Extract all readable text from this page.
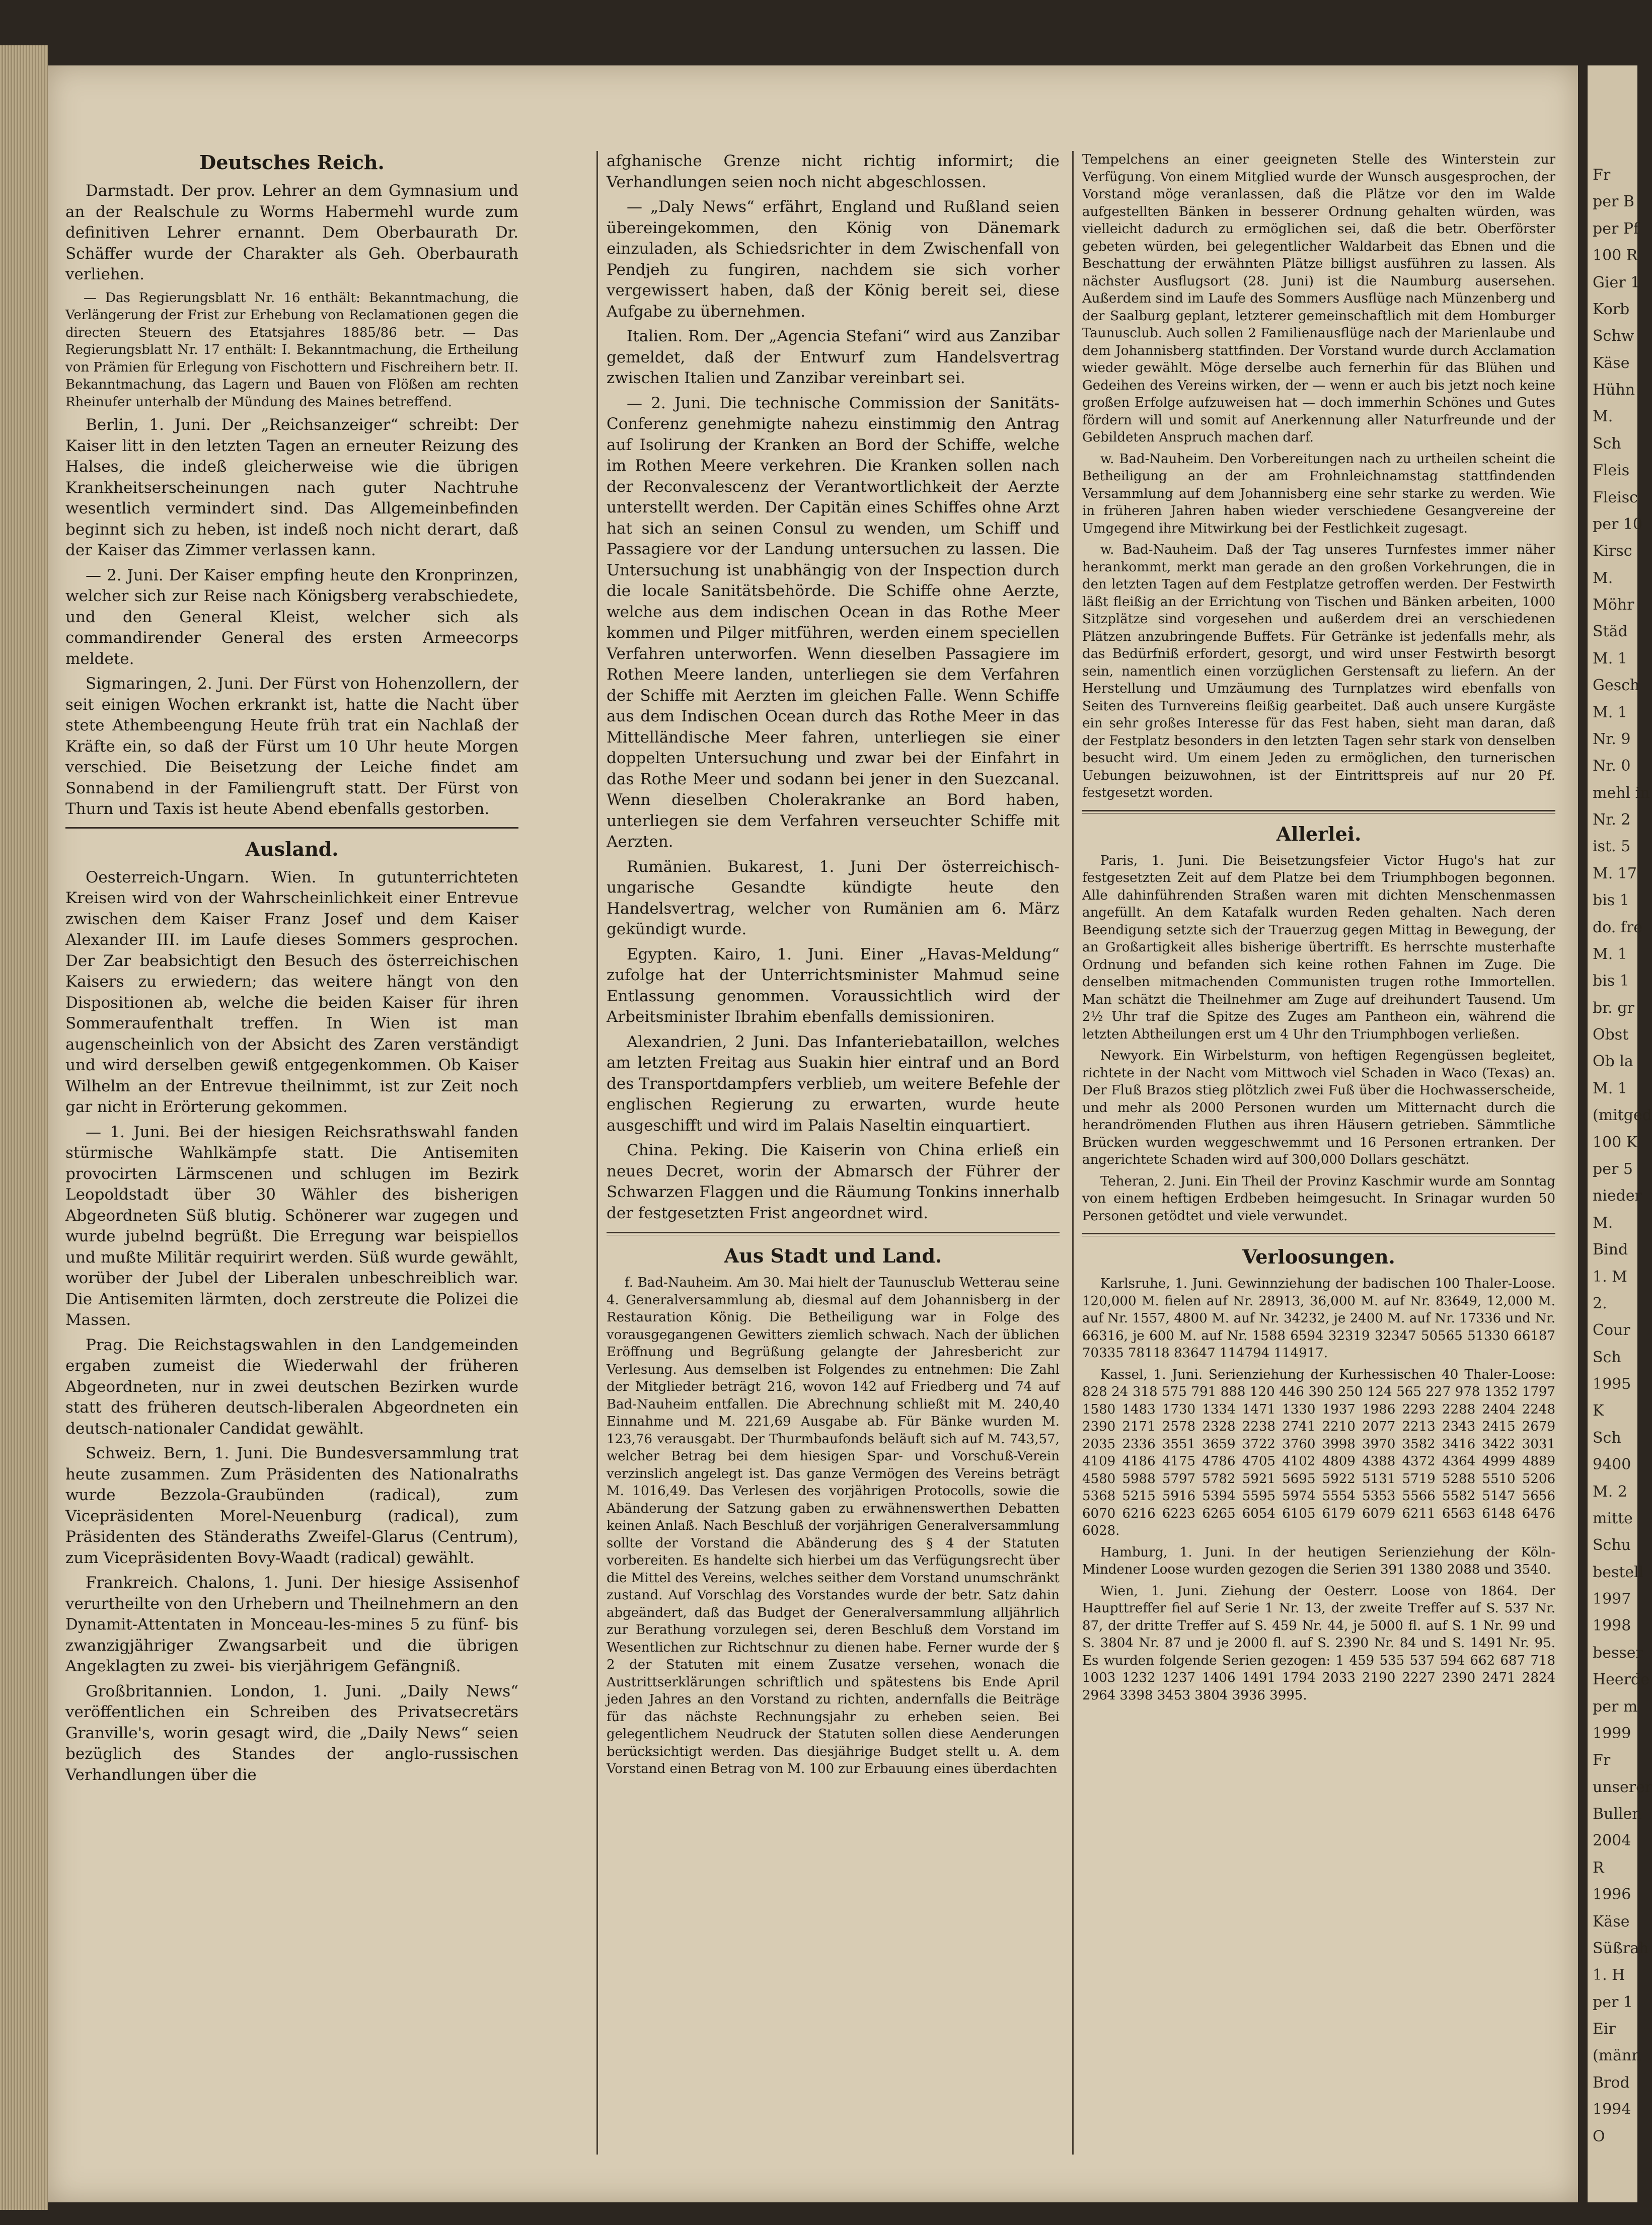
Deutsches Reich.

Darmstadt. Der prov. Lehrer an dem Gymnasium und an der Realschule zu Worms Habermehl wurde zum definitiven Lehrer ernannt. Dem Oberbaurath Dr. Schäffer wurde der Charakter als Geh. Oberbaurath verliehen.

— Das Regierungsblatt Nr. 16 enthält: Bekanntmachung, die Verlängerung der Frist zur Erhebung von Reclamationen gegen die directen Steuern des Etatsjahres 1885/86 betr. — Das Regierungsblatt Nr. 17 enthält: I. Bekanntmachung, die Ertheilung von Prämien für Erlegung von Fischottern und Fischreihern betr. II. Bekanntmachung, das Lagern und Bauen von Flößen am rechten Rheinufer unterhalb der Mündung des Maines betreffend.

Berlin, 1. Juni. Der „Reichsanzeiger“ schreibt: Der Kaiser litt in den letzten Tagen an erneuter Reizung des Halses, die indeß gleicherweise wie die übrigen Krankheitserscheinungen nach guter Nachtruhe wesentlich vermindert sind. Das Allgemeinbefinden beginnt sich zu heben, ist indeß noch nicht derart, daß der Kaiser das Zimmer verlassen kann.

— 2. Juni. Der Kaiser empfing heute den Kronprinzen, welcher sich zur Reise nach Königsberg verabschiedete, und den General Kleist, welcher sich als commandirender General des ersten Armeecorps meldete.

Sigmaringen, 2. Juni. Der Fürst von Hohenzollern, der seit einigen Wochen erkrankt ist, hatte die Nacht über stete Athembeengung Heute früh trat ein Nachlaß der Kräfte ein, so daß der Fürst um 10 Uhr heute Morgen verschied. Die Beisetzung der Leiche findet am Sonnabend in der Familiengruft statt. Der Fürst von Thurn und Taxis ist heute Abend ebenfalls gestorben.

Ausland.

Oesterreich-Ungarn. Wien. In gutunterrichteten Kreisen wird von der Wahrscheinlichkeit einer Entrevue zwischen dem Kaiser Franz Josef und dem Kaiser Alexander III. im Laufe dieses Sommers gesprochen. Der Zar beabsichtigt den Besuch des österreichischen Kaisers zu erwiedern; das weitere hängt von den Dispositionen ab, welche die beiden Kaiser für ihren Sommeraufenthalt treffen. In Wien ist man augenscheinlich von der Absicht des Zaren verständigt und wird derselben gewiß entgegenkommen. Ob Kaiser Wilhelm an der Entrevue theilnimmt, ist zur Zeit noch gar nicht in Erörterung gekommen.

— 1. Juni. Bei der hiesigen Reichsrathswahl fanden stürmische Wahlkämpfe statt. Die Antisemiten provocirten Lärmscenen und schlugen im Bezirk Leopoldstadt über 30 Wähler des bisherigen Abgeordneten Süß blutig. Schönerer war zugegen und wurde jubelnd begrüßt. Die Erregung war beispiellos und mußte Militär requirirt werden. Süß wurde gewählt, worüber der Jubel der Liberalen unbeschreiblich war. Die Antisemiten lärmten, doch zerstreute die Polizei die Massen.

Prag. Die Reichstagswahlen in den Landgemeinden ergaben zumeist die Wiederwahl der früheren Abgeordneten, nur in zwei deutschen Bezirken wurde statt des früheren deutsch-liberalen Abgeordneten ein deutsch-nationaler Candidat gewählt.

Schweiz. Bern, 1. Juni. Die Bundesversammlung trat heute zusammen. Zum Präsidenten des Nationalraths wurde Bezzola-Graubünden (radical), zum Vicepräsidenten Morel-Neuenburg (radical), zum Präsidenten des Ständeraths Zweifel-Glarus (Centrum), zum Vicepräsidenten Bovy-Waadt (radical) gewählt.

Frankreich. Chalons, 1. Juni. Der hiesige Assisenhof verurtheilte von den Urhebern und Theilnehmern an den Dynamit-Attentaten in Monceau-les-mines 5 zu fünf- bis zwanzigjähriger Zwangsarbeit und die übrigen Angeklagten zu zwei- bis vierjährigem Gefängniß.

Großbritannien. London, 1. Juni. „Daily News“ veröffentlichen ein Schreiben des Privatsecretärs Granville's, worin gesagt wird, die „Daily News“ seien bezüglich des Standes der anglo-russischen Verhandlungen über die

afghanische Grenze nicht richtig informirt; die Verhandlungen seien noch nicht abgeschlossen.

— „Daly News“ erfährt, England und Rußland seien übereingekommen, den König von Dänemark einzuladen, als Schiedsrichter in dem Zwischenfall von Pendjeh zu fungiren, nachdem sie sich vorher vergewissert haben, daß der König bereit sei, diese Aufgabe zu übernehmen.

Italien. Rom. Der „Agencia Stefani“ wird aus Zanzibar gemeldet, daß der Entwurf zum Handelsvertrag zwischen Italien und Zanzibar vereinbart sei.

— 2. Juni. Die technische Commission der Sanitäts-Conferenz genehmigte nahezu einstimmig den Antrag auf Isolirung der Kranken an Bord der Schiffe, welche im Rothen Meere verkehren. Die Kranken sollen nach der Reconvalescenz der Verantwortlichkeit der Aerzte unterstellt werden. Der Capitän eines Schiffes ohne Arzt hat sich an seinen Consul zu wenden, um Schiff und Passagiere vor der Landung untersuchen zu lassen. Die Untersuchung ist unabhängig von der Inspection durch die locale Sanitätsbehörde. Die Schiffe ohne Aerzte, welche aus dem indischen Ocean in das Rothe Meer kommen und Pilger mitführen, werden einem speciellen Verfahren unterworfen. Wenn dieselben Passagiere im Rothen Meere landen, unterliegen sie dem Verfahren der Schiffe mit Aerzten im gleichen Falle. Wenn Schiffe aus dem Indischen Ocean durch das Rothe Meer in das Mittelländische Meer fahren, unterliegen sie einer doppelten Untersuchung und zwar bei der Einfahrt in das Rothe Meer und sodann bei jener in den Suezcanal. Wenn dieselben Cholerakranke an Bord haben, unterliegen sie dem Verfahren verseuchter Schiffe mit Aerzten.

Rumänien. Bukarest, 1. Juni Der österreichisch-ungarische Gesandte kündigte heute den Handelsvertrag, welcher von Rumänien am 6. März gekündigt wurde.

Egypten. Kairo, 1. Juni. Einer „Havas-Meldung“ zufolge hat der Unterrichtsminister Mahmud seine Entlassung genommen. Voraussichtlich wird der Arbeitsminister Ibrahim ebenfalls demissioniren.

Alexandrien, 2 Juni. Das Infanteriebataillon, welches am letzten Freitag aus Suakin hier eintraf und an Bord des Transportdampfers verblieb, um weitere Befehle der englischen Regierung zu erwarten, wurde heute ausgeschifft und wird im Palais Naseltin einquartiert.

China. Peking. Die Kaiserin von China erließ ein neues Decret, worin der Abmarsch der Führer der Schwarzen Flaggen und die Räumung Tonkins innerhalb der festgesetzten Frist angeordnet wird.

Aus Stadt und Land.

f. Bad-Nauheim. Am 30. Mai hielt der Taunusclub Wetterau seine 4. Generalversammlung ab, diesmal auf dem Johannisberg in der Restauration König. Die Betheiligung war in Folge des vorausgegangenen Gewitters ziemlich schwach. Nach der üblichen Eröffnung und Begrüßung gelangte der Jahresbericht zur Verlesung. Aus demselben ist Folgendes zu entnehmen: Die Zahl der Mitglieder beträgt 216, wovon 142 auf Friedberg und 74 auf Bad-Nauheim entfallen. Die Abrechnung schließt mit M. 240,40 Einnahme und M. 221,69 Ausgabe ab. Für Bänke wurden M. 123,76 verausgabt. Der Thurmbaufonds beläuft sich auf M. 743,57, welcher Betrag bei dem hiesigen Spar- und Vorschuß-Verein verzinslich angelegt ist. Das ganze Vermögen des Vereins beträgt M. 1016,49. Das Verlesen des vorjährigen Protocolls, sowie die Abänderung der Satzung gaben zu erwähnenswerthen Debatten keinen Anlaß. Nach Beschluß der vorjährigen Generalversammlung sollte der Vorstand die Abänderung des § 4 der Statuten vorbereiten. Es handelte sich hierbei um das Verfügungsrecht über die Mittel des Vereins, welches seither dem Vorstand unumschränkt zustand. Auf Vorschlag des Vorstandes wurde der betr. Satz dahin abgeändert, daß das Budget der Generalversammlung alljährlich zur Berathung vorzulegen sei, deren Beschluß dem Vorstand im Wesentlichen zur Richtschnur zu dienen habe. Ferner wurde der § 2 der Statuten mit einem Zusatze versehen, wonach die Austrittserklärungen schriftlich und spätestens bis Ende April jeden Jahres an den Vorstand zu richten, andernfalls die Beiträge für das nächste Rechnungsjahr zu erheben seien. Bei gelegentlichem Neudruck der Statuten sollen diese Aenderungen berücksichtigt werden. Das diesjährige Budget stellt u. A. dem Vorstand einen Betrag von M. 100 zur Erbauung eines überdachten

Tempelchens an einer geeigneten Stelle des Winterstein zur Verfügung. Von einem Mitglied wurde der Wunsch ausgesprochen, der Vorstand möge veranlassen, daß die Plätze vor den im Walde aufgestellten Bänken in besserer Ordnung gehalten würden, was vielleicht dadurch zu ermöglichen sei, daß die betr. Oberförster gebeten würden, bei gelegentlicher Waldarbeit das Ebnen und die Beschattung der erwähnten Plätze billigst ausführen zu lassen. Als nächster Ausflugsort (28. Juni) ist die Naumburg ausersehen. Außerdem sind im Laufe des Sommers Ausflüge nach Münzenberg und der Saalburg geplant, letzterer gemeinschaftlich mit dem Homburger Taunusclub. Auch sollen 2 Familienausflüge nach der Marienlaube und dem Johannisberg stattfinden. Der Vorstand wurde durch Acclamation wieder gewählt. Möge derselbe auch fernerhin für das Blühen und Gedeihen des Vereins wirken, der — wenn er auch bis jetzt noch keine großen Erfolge aufzuweisen hat — doch immerhin Schönes und Gutes fördern will und somit auf Anerkennung aller Naturfreunde und der Gebildeten Anspruch machen darf.

w. Bad-Nauheim. Den Vorbereitungen nach zu urtheilen scheint die Betheiligung an der am Frohnleichnamstag stattfindenden Versammlung auf dem Johannisberg eine sehr starke zu werden. Wie in früheren Jahren haben wieder verschiedene Gesangvereine der Umgegend ihre Mitwirkung bei der Festlichkeit zugesagt.

w. Bad-Nauheim. Daß der Tag unseres Turnfestes immer näher herankommt, merkt man gerade an den großen Vorkehrungen, die in den letzten Tagen auf dem Festplatze getroffen werden. Der Festwirth läßt fleißig an der Errichtung von Tischen und Bänken arbeiten, 1000 Sitzplätze sind vorgesehen und außerdem drei an verschiedenen Plätzen anzubringende Buffets. Für Getränke ist jedenfalls mehr, als das Bedürfniß erfordert, gesorgt, und wird unser Festwirth besorgt sein, namentlich einen vorzüglichen Gerstensaft zu liefern. An der Herstellung und Umzäumung des Turnplatzes wird ebenfalls von Seiten des Turnvereins fleißig gearbeitet. Daß auch unsere Kurgäste ein sehr großes Interesse für das Fest haben, sieht man daran, daß der Festplatz besonders in den letzten Tagen sehr stark von denselben besucht wird. Um einem Jeden zu ermöglichen, den turnerischen Uebungen beizuwohnen, ist der Eintrittspreis auf nur 20 Pf. festgesetzt worden.

Allerlei.

Paris, 1. Juni. Die Beisetzungsfeier Victor Hugo's hat zur festgesetzten Zeit auf dem Platze bei dem Triumphbogen begonnen. Alle dahinführenden Straßen waren mit dichten Menschenmassen angefüllt. An dem Katafalk wurden Reden gehalten. Nach deren Beendigung setzte sich der Trauerzug gegen Mittag in Bewegung, der an Großartigkeit alles bisherige übertrifft. Es herrschte musterhafte Ordnung und befanden sich keine rothen Fahnen im Zuge. Die denselben mitmachenden Communisten trugen rothe Immortellen. Man schätzt die Theilnehmer am Zuge auf dreihundert Tausend. Um 2½ Uhr traf die Spitze des Zuges am Pantheon ein, während die letzten Abtheilungen erst um 4 Uhr den Triumphbogen verließen.

Newyork. Ein Wirbelsturm, von heftigen Regengüssen begleitet, richtete in der Nacht vom Mittwoch viel Schaden in Waco (Texas) an. Der Fluß Brazos stieg plötzlich zwei Fuß über die Hochwasserscheide, und mehr als 2000 Personen wurden um Mitternacht durch die herandrömenden Fluthen aus ihren Häusern getrieben. Sämmtliche Brücken wurden weggeschwemmt und 16 Personen ertranken. Der angerichtete Schaden wird auf 300,000 Dollars geschätzt.

Teheran, 2. Juni. Ein Theil der Provinz Kaschmir wurde am Sonntag von einem heftigen Erdbeben heimgesucht. In Srinagar wurden 50 Personen getödtet und viele verwundet.

Verloosungen.

Karlsruhe, 1. Juni. Gewinnziehung der badischen 100 Thaler-Loose. 120,000 M. fielen auf Nr. 28913, 36,000 M. auf Nr. 83649, 12,000 M. auf Nr. 1557, 4800 M. auf Nr. 34232, je 2400 M. auf Nr. 17336 und Nr. 66316, je 600 M. auf Nr. 1588 6594 32319 32347 50565 51330 66187 70335 78118 83647 114794 114917.

Kassel, 1. Juni. Serienziehung der Kurhessischen 40 Thaler-Loose: 828 24 318 575 791 888 120 446 390 250 124 565 227 978 1352 1797 1580 1483 1730 1334 1471 1330 1937 1986 2293 2288 2404 2248 2390 2171 2578 2328 2238 2741 2210 2077 2213 2343 2415 2679 2035 2336 3551 3659 3722 3760 3998 3970 3582 3416 3422 3031 4109 4186 4175 4786 4705 4102 4809 4388 4372 4364 4999 4889 4580 5988 5797 5782 5921 5695 5922 5131 5719 5288 5510 5206 5368 5215 5916 5394 5595 5974 5554 5353 5566 5582 5147 5656 6070 6216 6223 6265 6054 6105 6179 6079 6211 6563 6148 6476 6028.

Hamburg, 1. Juni. In der heutigen Serienziehung der Köln-Mindener Loose wurden gezogen die Serien 391 1380 2088 und 3540.

Wien, 1. Juni. Ziehung der Oesterr. Loose von 1864. Der Haupttreffer fiel auf Serie 1 Nr. 13, der zweite Treffer auf S. 537 Nr. 87, der dritte Treffer auf S. 459 Nr. 44, je 5000 fl. auf S. 1 Nr. 99 und S. 3804 Nr. 87 und je 2000 fl. auf S. 2390 Nr. 84 und S. 1491 Nr. 95. Es wurden folgende Serien gezogen: 1 459 535 537 594 662 687 718 1003 1232 1237 1406 1491 1794 2033 2190 2227 2390 2471 2824 2964 3398 3453 3804 3936 3995.

Fr
per B
per Pf
100 R
Gier 1
Korb
Schw
Käse
Hühn
M.
Sch
Fleis
Fleisc
per 10
Kirsc
M.
Möhr
Städ
M. 1
Gesch
M. 1
Nr. 9
Nr. 0
mehl in
Nr. 2
ist. 5
M. 17
bis 1
do. fre
M. 1
bis 1
br. gr
Obst
Ob la
M. 1
(mitged
100 K
per 5
nieder
M.
Bind
1. M
2.
Cour
Sch
1995
K
Sch
9400
M. 2
mitte
Schu
bestell
1997
1998
besser
Heerde
per m
1999
Fr
unserer
Bullen
2004
R
1996
Käse
Süßrah
1. H
per 1
Eir
(männ
Brod
1994
O
